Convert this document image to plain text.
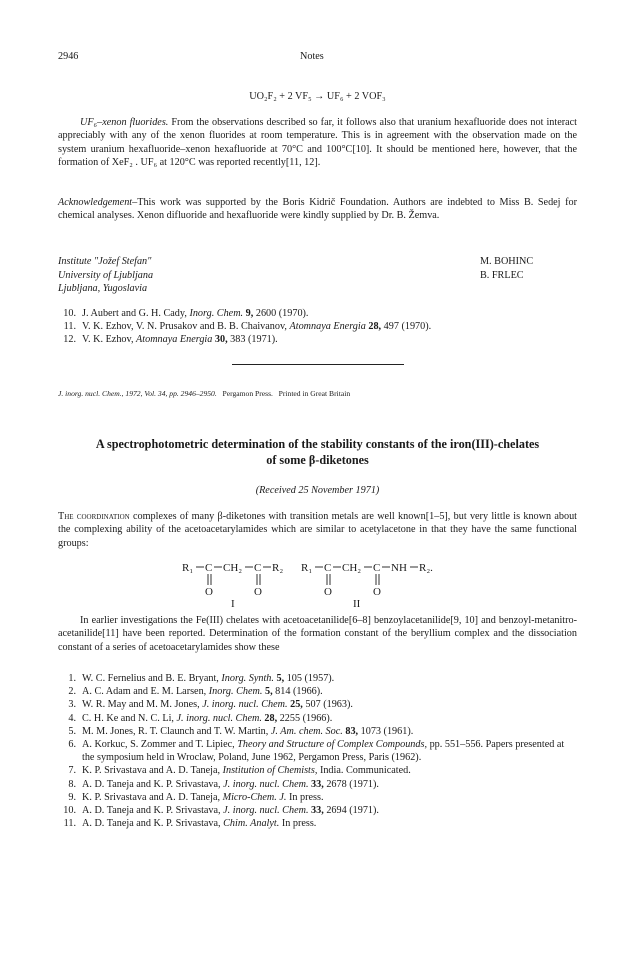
2946	Notes
UO₂F₂ + 2 VF₅ → UF₆ + 2 VOF₃
UF₆–xenon fluorides. From the observations described so far, it follows also that uranium hexafluoride does not interact appreciably with any of the xenon fluorides at room temperature. This is in agreement with the observation made on the system uranium hexafluoride–xenon hexafluoride at 70°C and 100°C[10]. It should be mentioned here, however, that the formation of XeF₂ . UF₆ at 120°C was reported recently[11, 12].
Acknowledgement–This work was supported by the Boris Kidrič Foundation. Authors are indebted to Miss B. Sedej for chemical analyses. Xenon difluoride and hexafluoride were kindly supplied by Dr. B. Žemva.
Institute "Jožef Stefan"
University of Ljubljana
Ljubljana, Yugoslavia
M. BOHINC
B. FRLEC
10. J. Aubert and G. H. Cady, Inorg. Chem. 9, 2600 (1970).
11. V. K. Ezhov, V. N. Prusakov and B. B. Chaivanov, Atomnaya Energia 28, 497 (1970).
12. V. K. Ezhov, Atomnaya Energia 30, 383 (1971).
J. inorg. nucl. Chem., 1972, Vol. 34, pp. 2946–2950. Pergamon Press. Printed in Great Britain
A spectrophotometric determination of the stability constants of the iron(III)-chelates
of some β-diketones
(Received 25 November 1971)
The coordination complexes of many β-diketones with transition metals are well known[1–5], but very little is known about the complexing ability of the acetoacetarylamides which are similar to acetylacetone in that they have the same functional groups:
R₁ C CH₂ C R₂
O	O
I
R₁ C CH₂ C NH R₂.
O	O
II
In earlier investigations the Fe(III) chelates with acetoacetanilide[6–8] benzoylacetanilide[9, 10] and benzoyl-metanitro-acetanilide[11] have been reported. Determination of the formation constant of the beryllium complex and the dissociation constant of a series of acetoacetarylamides show these
1. W. C. Fernelius and B. E. Bryant, Inorg. Synth. 5, 105 (1957).
2. A. C. Adam and E. M. Larsen, Inorg. Chem. 5, 814 (1966).
3. W. R. May and M. M. Jones, J. inorg. nucl. Chem. 25, 507 (1963).
4. C. H. Ke and N. C. Li, J. inorg. nucl. Chem. 28, 2255 (1966).
5. M. M. Jones, R. T. Claunch and T. W. Martin, J. Am. chem. Soc. 83, 1073 (1961).
6. A. Korkuc, S. Zommer and T. Lipiec, Theory and Structure of Complex Compounds, pp. 551–556. Papers presented at the symposium held in Wroclaw, Poland, June 1962, Pergamon Press, Paris (1962).
7. K. P. Srivastava and A. D. Taneja, Institution of Chemists, India. Communicated.
8. A. D. Taneja and K. P. Srivastava, J. inorg. nucl. Chem. 33, 2678 (1971).
9. K. P. Srivastava and A. D. Taneja, Micro-Chem. J. In press.
10. A. D. Taneja and K. P. Srivastava, J. inorg. nucl. Chem. 33, 2694 (1971).
11. A. D. Taneja and K. P. Srivastava, Chim. Analyt. In press.
